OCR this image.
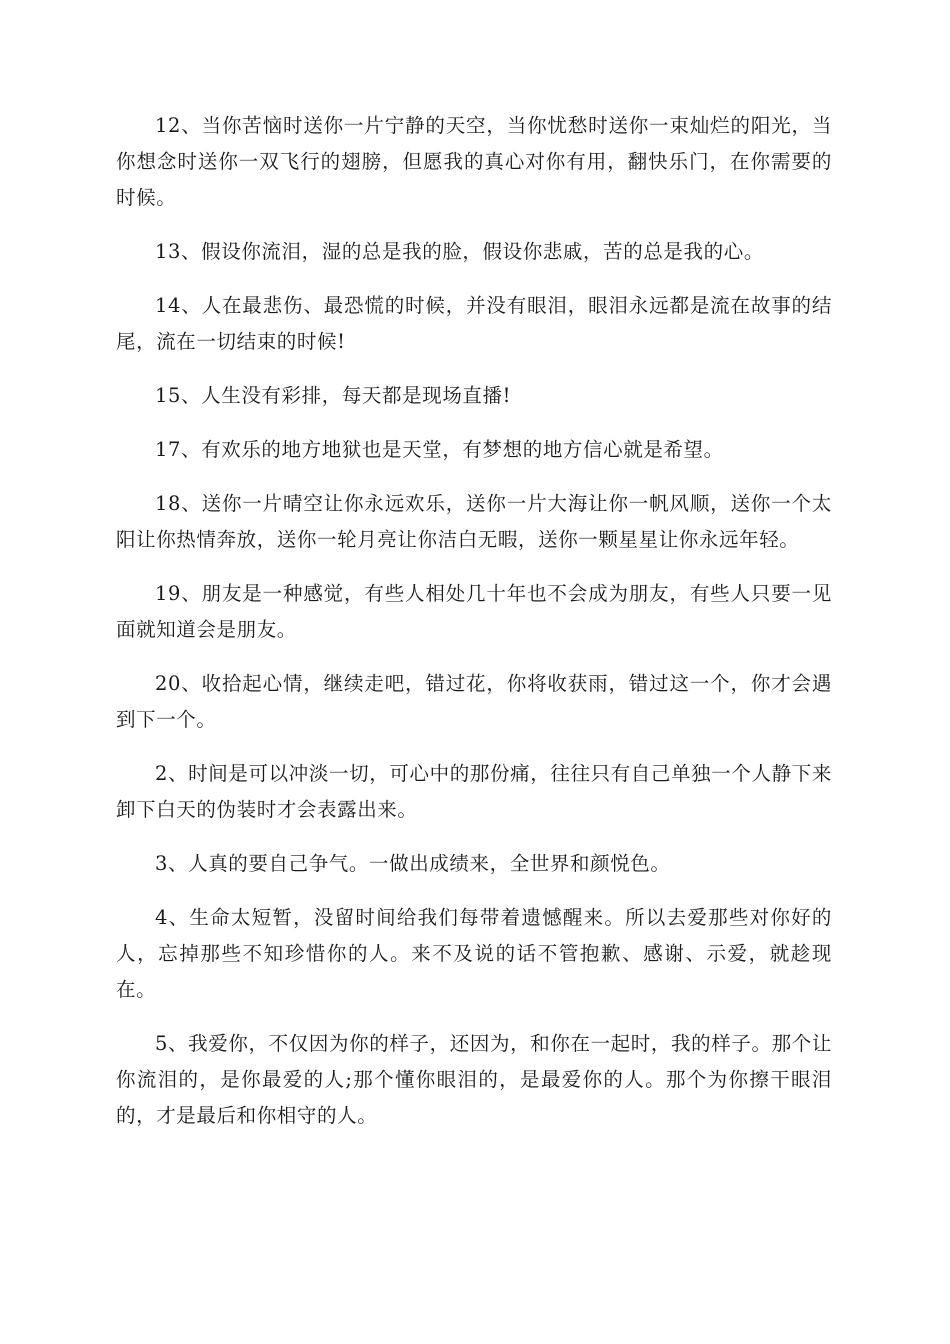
12、当你苦恼时送你一片宁静的天空，当你忧愁时送你一束灿烂的阳光，当你想念时送你一双飞行的翅膀，但愿我的真心对你有用，翻快乐门，在你需要的时候。

13、假设你流泪，湿的总是我的脸，假设你悲戚，苦的总是我的心。

14、人在最悲伤、最恐慌的时候，并没有眼泪，眼泪永远都是流在故事的结尾，流在一切结束的时候!

15、人生没有彩排，每天都是现场直播!

17、有欢乐的地方地狱也是天堂，有梦想的地方信心就是希望。

18、送你一片晴空让你永远欢乐，送你一片大海让你一帆风顺，送你一个太阳让你热情奔放，送你一轮月亮让你洁白无暇，送你一颗星星让你永远年轻。

19、朋友是一种感觉，有些人相处几十年也不会成为朋友，有些人只要一见面就知道会是朋友。

20、收拾起心情，继续走吧，错过花，你将收获雨，错过这一个，你才会遇到下一个。

2、时间是可以冲淡一切，可心中的那份痛，往往只有自己单独一个人静下来卸下白天的伪装时才会表露出来。

3、人真的要自己争气。一做出成绩来，全世界和颜悦色。

4、生命太短暂，没留时间给我们每带着遗憾醒来。所以去爱那些对你好的人，忘掉那些不知珍惜你的人。来不及说的话不管抱歉、感谢、示爱，就趁现在。

5、我爱你，不仅因为你的样子，还因为，和你在一起时，我的样子。那个让你流泪的，是你最爱的人;那个懂你眼泪的，是最爱你的人。那个为你擦干眼泪的，才是最后和你相守的人。
